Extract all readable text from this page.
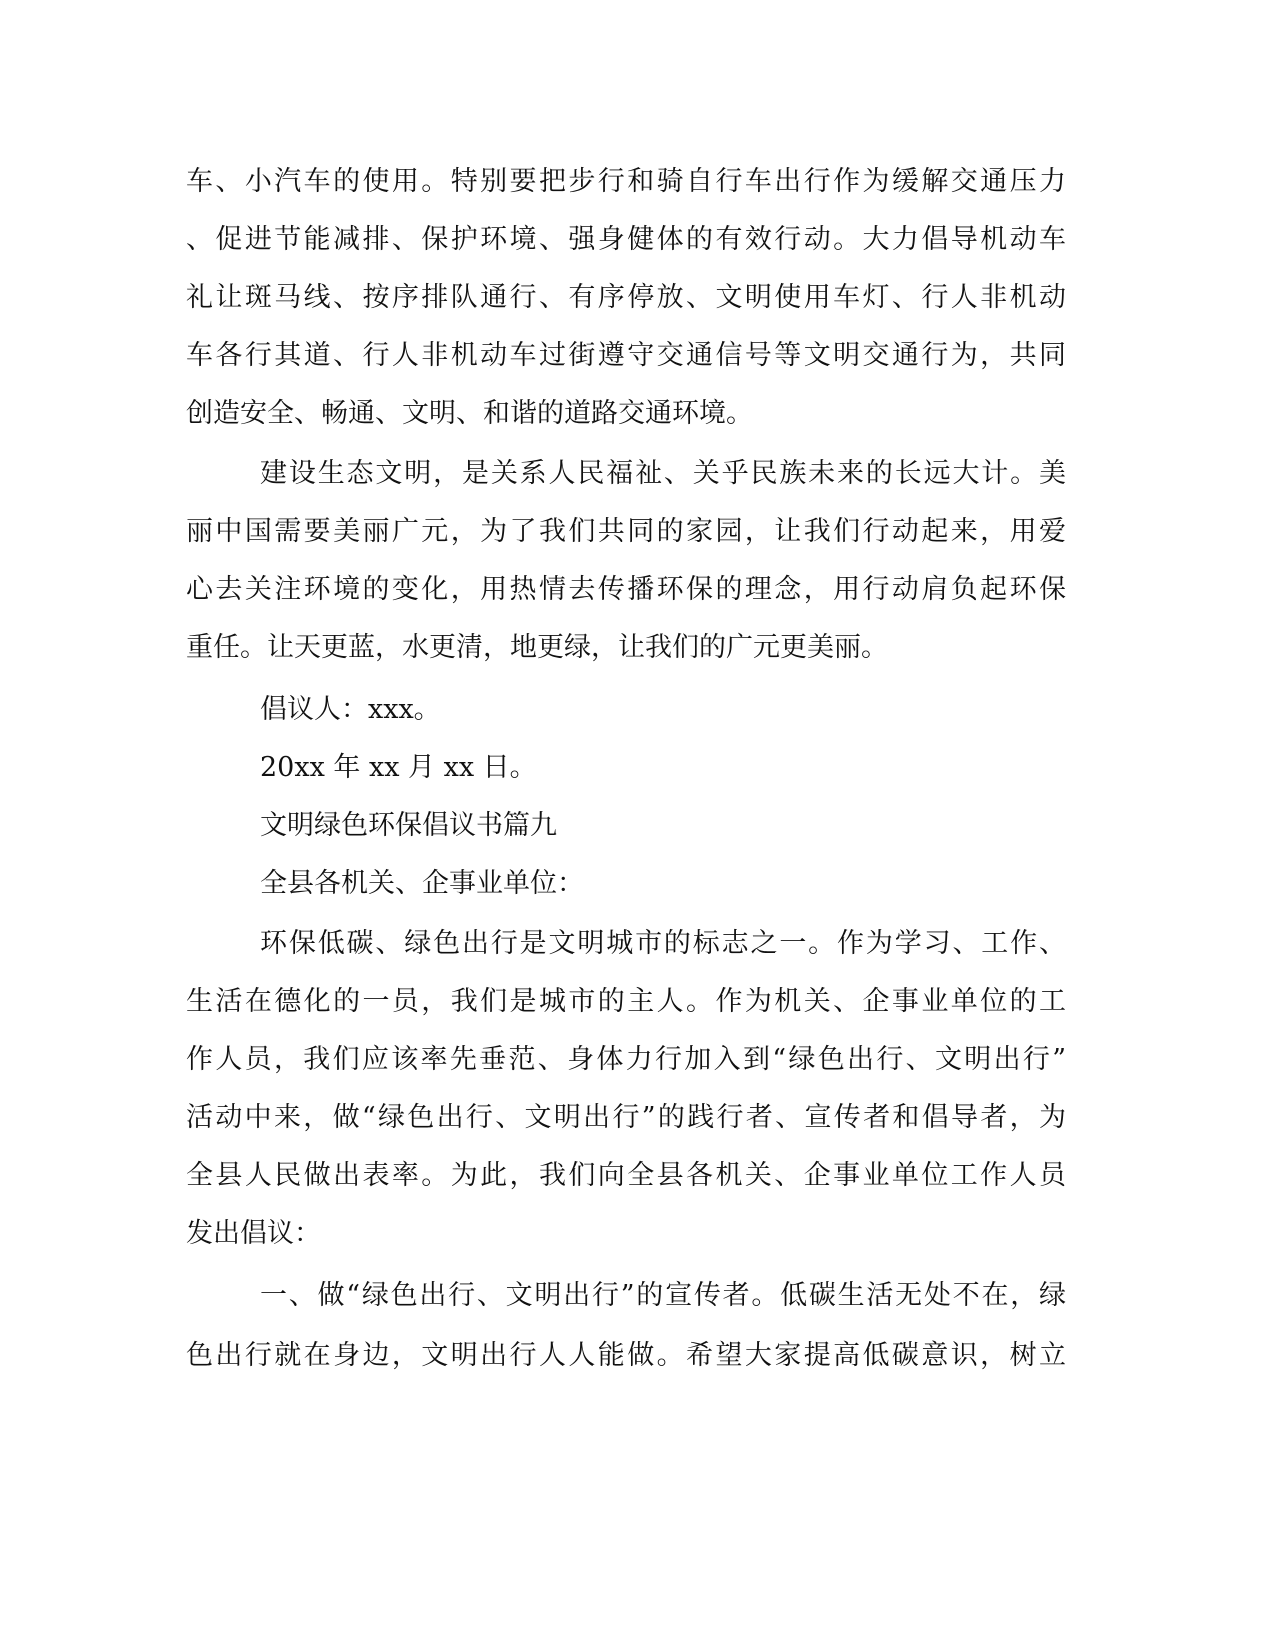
车、小汽车的使用。特别要把步行和骑自行车出行作为缓解交通压力
、促进节能减排、保护环境、强身健体的有效行动。大力倡导机动车
礼让斑马线、按序排队通行、有序停放、文明使用车灯、行人非机动
车各行其道、行人非机动车过街遵守交通信号等文明交通行为，共同
创造安全、畅通、文明、和谐的道路交通环境。
建设生态文明，是关系人民福祉、关乎民族未来的长远大计。美
丽中国需要美丽广元，为了我们共同的家园，让我们行动起来，用爱
心去关注环境的变化，用热情去传播环保的理念，用行动肩负起环保
重任。让天更蓝，水更清，地更绿，让我们的广元更美丽。
倡议人：xxx。
20xx 年 xx 月 xx 日。
文明绿色环保倡议书篇九
全县各机关、企事业单位：
环保低碳、绿色出行是文明城市的标志之一。作为学习、工作、
生活在德化的一员，我们是城市的主人。作为机关、企事业单位的工
作人员，我们应该率先垂范、身体力行加入到“绿色出行、文明出行”
活动中来，做“绿色出行、文明出行”的践行者、宣传者和倡导者，为
全县人民做出表率。为此，我们向全县各机关、企事业单位工作人员
发出倡议：
一、做“绿色出行、文明出行”的宣传者。低碳生活无处不在，绿
色出行就在身边，文明出行人人能做。希望大家提高低碳意识，树立
